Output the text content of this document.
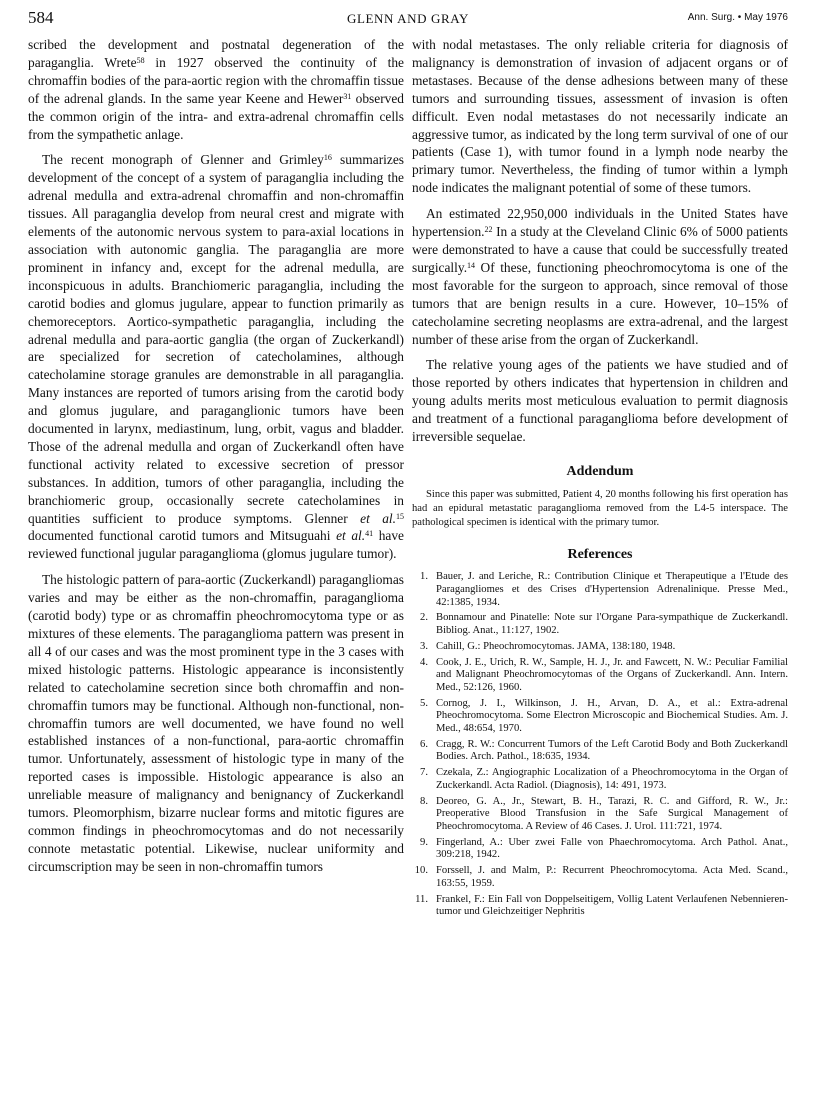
584	GLENN AND GRAY	Ann. Surg. • May 1976

scribed the development and postnatal degeneration of the paraganglia. Wrete$^{58}$ in 1927 observed the continuity of the chromaffin bodies of the para-aortic region with the chromaffin tissue of the adrenal glands. In the same year Keene and Hewer$^{31}$ observed the common origin of the intra- and extra-adrenal chromaffin cells from the sympathetic anlage.

The recent monograph of Glenner and Grimley$^{16}$ summarizes development of the concept of a system of paraganglia including the adrenal medulla and extra-adrenal chromaffin and non-chromaffin tissues. All paraganglia develop from neural crest and migrate with elements of the autonomic nervous system to para-axial locations in association with autonomic ganglia. The paraganglia are more prominent in infancy and, except for the adrenal medulla, are inconspicuous in adults. Branchiomeric paraganglia, including the carotid bodies and glomus jugulare, appear to function primarily as chemoreceptors. Aortico-sympathetic paraganglia, including the adrenal medulla and para-aortic ganglia (the organ of Zuckerkandl) are specialized for secretion of catecholamines, although catecholamine storage granules are demonstrable in all paraganglia. Many instances are reported of tumors arising from the carotid body and glomus jugulare, and paraganglionic tumors have been documented in larynx, mediastinum, lung, orbit, vagus and bladder. Those of the adrenal medulla and organ of Zuckerkandl often have functional activity related to excessive secretion of pressor substances. In addition, tumors of other paraganglia, including the branchiomeric group, occasionally secrete catecholamines in quantities sufficient to produce symptoms. Glenner et al.$^{15}$ documented functional carotid tumors and Mitsuguahi et al.$^{41}$ have reviewed functional jugular paraganglioma (glomus jugulare tumor).

The histologic pattern of para-aortic (Zuckerkandl) paragangliomas varies and may be either as the non-chromaffin, paraganglioma (carotid body) type or as chromaffin pheochromocytoma type or as mixtures of these elements. The paraganglioma pattern was present in all 4 of our cases and was the most prominent type in the 3 cases with mixed histologic patterns. Histologic appearance is inconsistently related to catecholamine secretion since both chromaffin and non-chromaffin tumors may be functional. Although non-functional, non-chromaffin tumors are well documented, we have found no well established instances of a non-functional, para-aortic chromaffin tumor. Unfortunately, assessment of histologic type in many of the reported cases is impossible. Histologic appearance is also an unreliable measure of malignancy and benignancy of Zuckerkandl tumors. Pleomorphism, bizarre nuclear forms and mitotic figures are common findings in pheochromocytomas and do not necessarily connote metastatic potential. Likewise, nuclear uniformity and circumscription may be seen in non-chromaffin tumors

with nodal metastases. The only reliable criteria for diagnosis of malignancy is demonstration of invasion of adjacent organs or of metastases. Because of the dense adhesions between many of these tumors and surrounding tissues, assessment of invasion is often difficult. Even nodal metastases do not necessarily indicate an aggressive tumor, as indicated by the long term survival of one of our patients (Case 1), with tumor found in a lymph node nearby the primary tumor. Nevertheless, the finding of tumor within a lymph node indicates the malignant potential of some of these tumors.

An estimated 22,950,000 individuals in the United States have hypertension.$^{22}$ In a study at the Cleveland Clinic 6% of 5000 patients were demonstrated to have a cause that could be successfully treated surgically.$^{14}$ Of these, functioning pheochromocytoma is one of the most favorable for the surgeon to approach, since removal of those tumors that are benign results in a cure. However, 10–15% of catecholamine secreting neoplasms are extra-adrenal, and the largest number of these arise from the organ of Zuckerkandl.

The relative young ages of the patients we have studied and of those reported by others indicates that hypertension in children and young adults merits most meticulous evaluation to permit diagnosis and treatment of a functional paraganglioma before development of irreversible sequelae.

Addendum

Since this paper was submitted, Patient 4, 20 months following his first operation has had an epidural metastatic paraganglioma removed from the L4-5 interspace. The pathological specimen is identical with the primary tumor.

References
1. Bauer, J. and Leriche, R.: Contribution Clinique et Therapeutique a l'Etude des Paragangliomes et des Crises d'Hypertension Adrenalinique. Presse Med., 42:1385, 1934.
2. Bonnamour and Pinatelle: Note sur l'Organe Para-sympathique de Zuckerkandl. Bibliog. Anat., 11:127, 1902.
3. Cahill, G.: Pheochromocytomas. JAMA, 138:180, 1948.
4. Cook, J. E., Urich, R. W., Sample, H. J., Jr. and Fawcett, N. W.: Peculiar Familial and Malignant Pheochromocytomas of the Organs of Zuckerkandl. Ann. Intern. Med., 52:126, 1960.
5. Cornog, J. I., Wilkinson, J. H., Arvan, D. A., et al.: Extra-adrenal Pheochromocytoma. Some Electron Microscopic and Biochemical Studies. Am. J. Med., 48:654, 1970.
6. Cragg, R. W.: Concurrent Tumors of the Left Carotid Body and Both Zuckerkandl Bodies. Arch. Pathol., 18:635, 1934.
7. Czekala, Z.: Angiographic Localization of a Pheochromocytoma in the Organ of Zuckerkandl. Acta Radiol. (Diagnosis), 14: 491, 1973.
8. Deoreo, G. A., Jr., Stewart, B. H., Tarazi, R. C. and Gifford, R. W., Jr.: Preoperative Blood Transfusion in the Safe Surgical Management of Pheochromocytoma. A Review of 46 Cases. J. Urol. 111:721, 1974.
9. Fingerland, A.: Uber zwei Falle von Phaechromocytoma. Arch Pathol. Anat., 309:218, 1942.
10. Forssell, J. and Malm, P.: Recurrent Pheochromocytoma. Acta Med. Scand., 163:55, 1959.
11. Frankel, F.: Ein Fall von Doppelseitigem, Vollig Latent Verlaufenen Nebennieren-tumor und Gleichzeitiger Nephritis
